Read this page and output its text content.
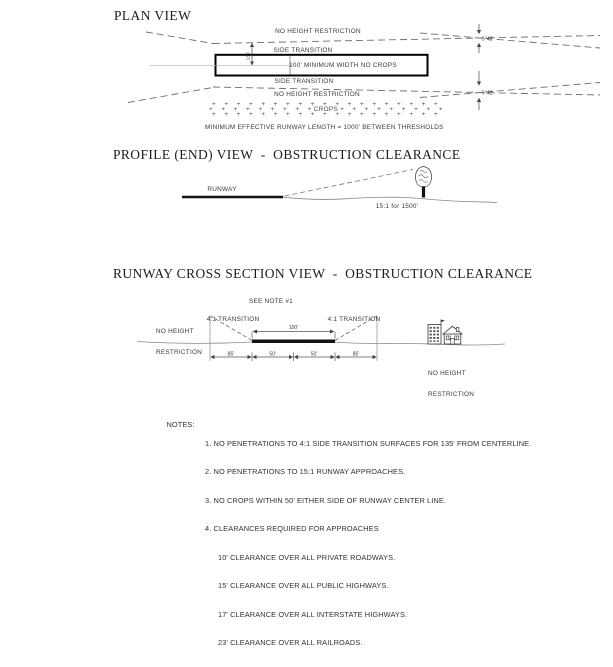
135'
5°42'
5°42'
100'
85'	50'	50'	85'
PLAN VIEW
NO HEIGHT RESTRICTION
SIDE TRANSITION
100' MINIMUM WIDTH NO CROPS
SIDE TRANSITION
NO HEIGHT RESTRICTION
+    +    +    +    +    +    +    +    +    +    +    +    +    +    +    +    +    +    +
+    +    +    +    +    +    +    +    + CROPS +    +    +    +    +    +    +    +    +
+    +    +    +    +    +    +    +    +    +    +    +    +    +    +    +    +    +    +
MINIMUM EFFECTIVE RUNWAY LENGTH = 1000' BETWEEN THRESHOLDS
PROFILE (END) VIEW  -  OBSTRUCTION CLEARANCE
RUNWAY
15:1 for 1500'
RUNWAY CROSS SECTION VIEW  -  OBSTRUCTION CLEARANCE
SEE NOTE #1

NO HEIGHT

RESTRICTION

4:1 TRANSITION	4:1 TRANSITION

NO HEIGHT

RESTRICTION

NOTES:

1. NO PENETRATIONS TO 4:1 SIDE TRANSITION SURFACES FOR 135' FROM CENTERLINE.

2. NO PENETRATIONS TO 15:1 RUNWAY APPROACHES.

3. NO CROPS WITHIN 50' EITHER SIDE OF RUNWAY CENTER LINE.

4. CLEARANCES REQUIRED FOR APPROACHES

10' CLEARANCE OVER ALL PRIVATE ROADWAYS.

15' CLEARANCE OVER ALL PUBLIC HIGHWAYS.

17' CLEARANCE OVER ALL INTERSTATE HIGHWAYS.

23' CLEARANCE OVER ALL RAILROADS.
